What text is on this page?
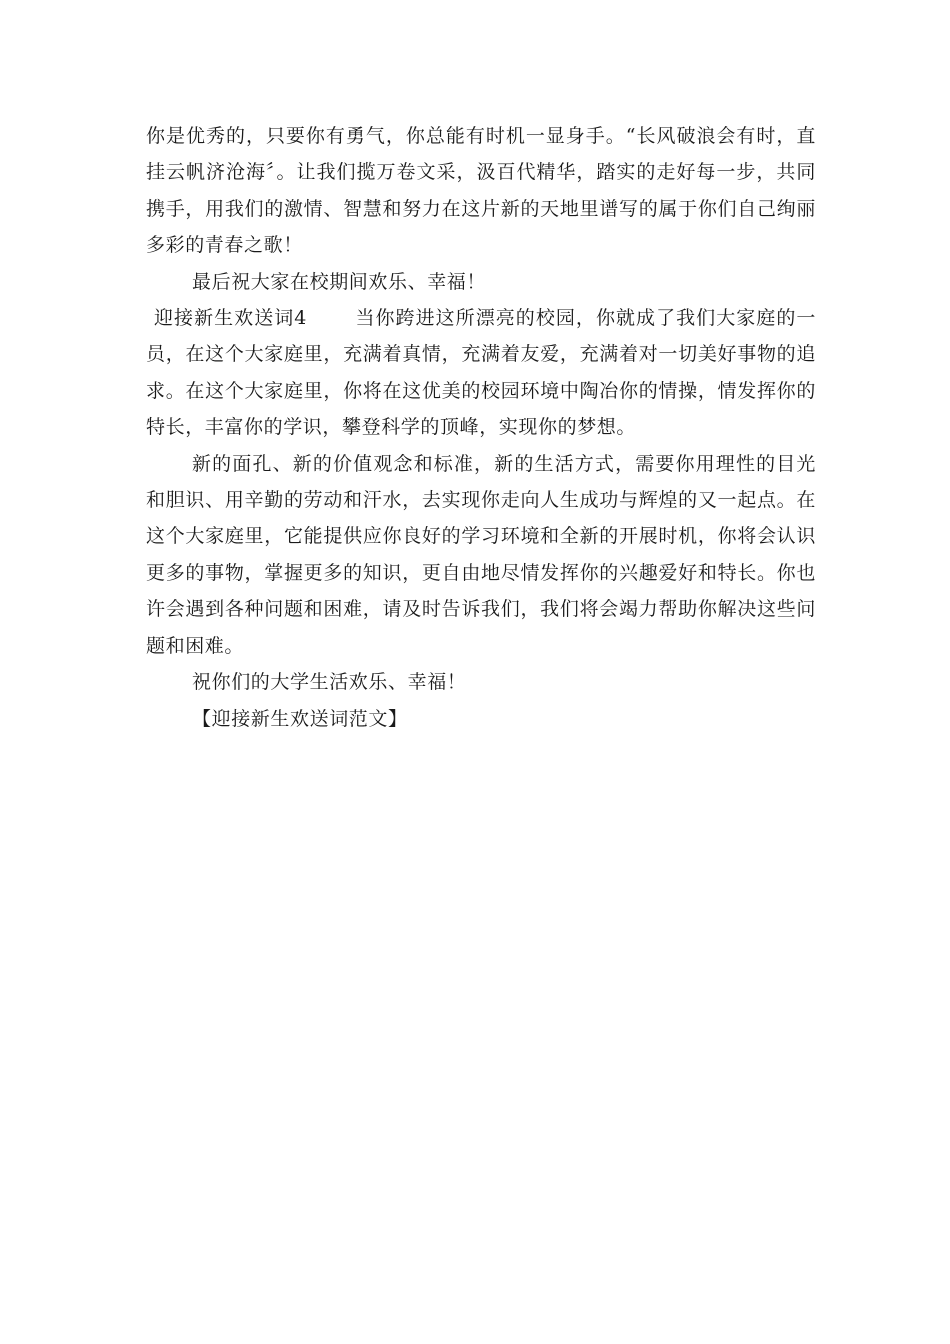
你是优秀的，只要你有勇气，你总能有时机一显身手。“长风破浪会有时，直挂云帆济沧海〞。让我们揽万卷文采，汲百代精华，踏实的走好每一步，共同携手，用我们的激情、智慧和努力在这片新的天地里谱写的属于你们自己绚丽多彩的青春之歌！

最后祝大家在校期间欢乐、幸福！

迎接新生欢送词4	当你跨进这所漂亮的校园，你就成了我们大家庭的一员，在这个大家庭里，充满着真情，充满着友爱，充满着对一切美好事物的追求。在这个大家庭里，你将在这优美的校园环境中陶冶你的情操，情发挥你的特长，丰富你的学识，攀登科学的顶峰，实现你的梦想。

新的面孔、新的价值观念和标准，新的生活方式，需要你用理性的目光和胆识、用辛勤的劳动和汗水，去实现你走向人生成功与辉煌的又一起点。在这个大家庭里，它能提供应你良好的学习环境和全新的开展时机，你将会认识更多的事物，掌握更多的知识，更自由地尽情发挥你的兴趣爱好和特长。你也许会遇到各种问题和困难，请及时告诉我们，我们将会竭力帮助你解决这些问题和困难。

祝你们的大学生活欢乐、幸福！

【迎接新生欢送词范文】
